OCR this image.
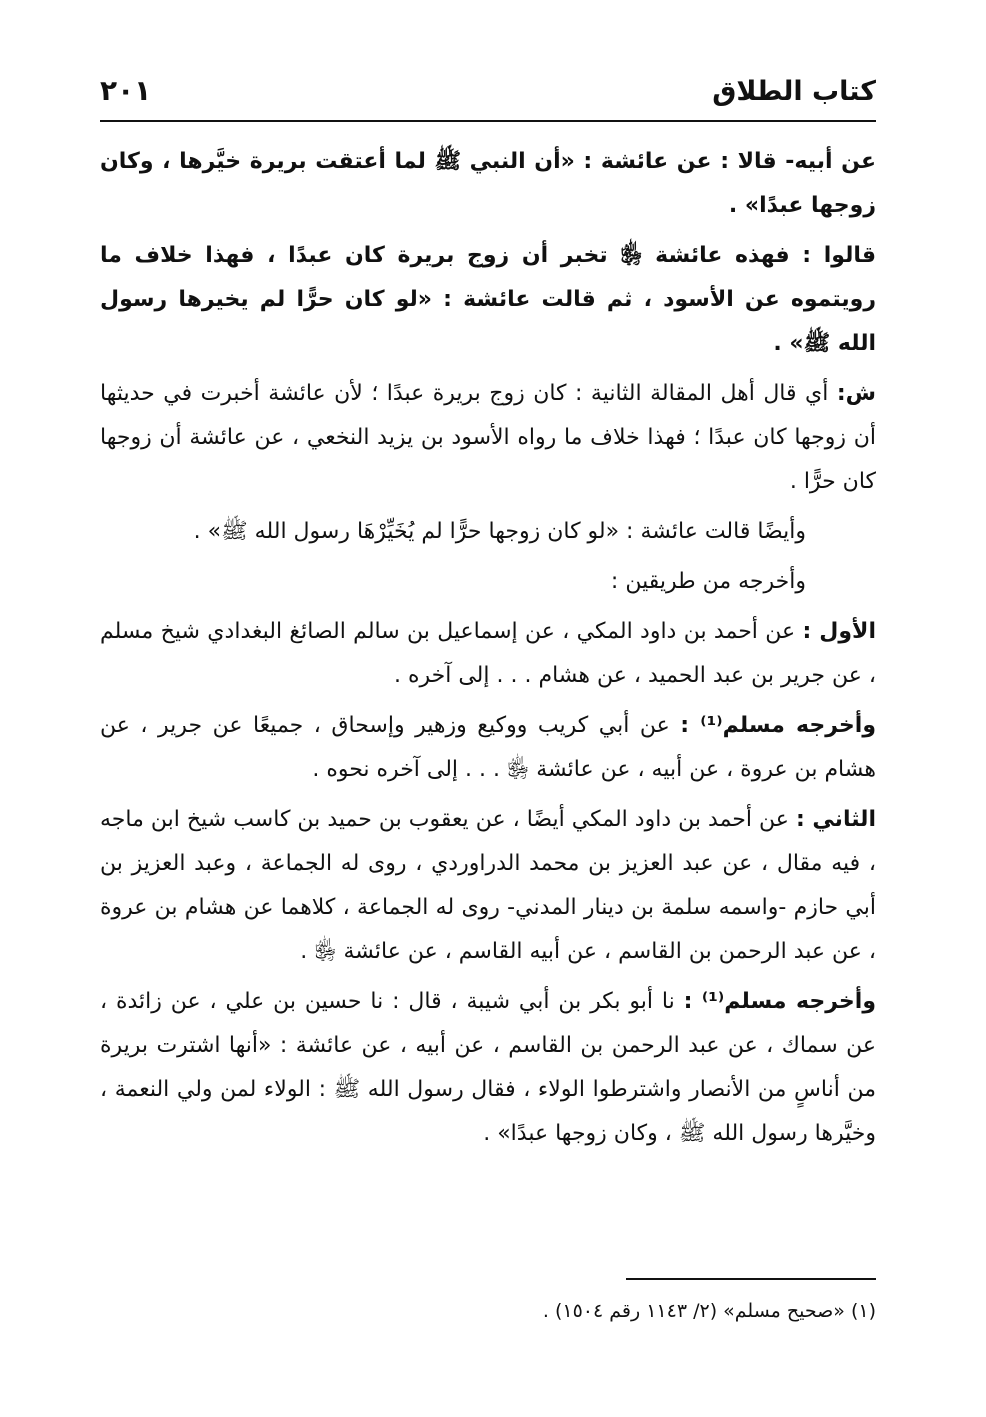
كتاب الطلاق
٢٠١

عن أبيه- قالا : عن عائشة : «أن النبي ﷺ لما أعتقت بريرة خيَّرها ، وكان زوجها عبدًا» .

قالوا : فهذه عائشة ﵂ تخبر أن زوج بريرة كان عبدًا ، فهذا خلاف ما رويتموه عن الأسود ، ثم قالت عائشة : «لو كان حرًّا لم يخيرها رسول الله ﷺ» .

ش: أي قال أهل المقالة الثانية : كان زوج بريرة عبدًا ؛ لأن عائشة أخبرت في حديثها أن زوجها كان عبدًا ؛ فهذا خلاف ما رواه الأسود بن يزيد النخعي ، عن عائشة أن زوجها كان حرًّا .

وأيضًا قالت عائشة : «لو كان زوجها حرًّا لم يُخَيِّرْهَا رسول الله ﷺ» .

وأخرجه من طريقين :

الأول : عن أحمد بن داود المكي ، عن إسماعيل بن سالم الصائغ البغدادي شيخ مسلم ، عن جرير بن عبد الحميد ، عن هشام . . . إلى آخره .

وأخرجه مسلم⁽¹⁾ : عن أبي كريب ووكيع وزهير وإسحاق ، جميعًا عن جرير ، عن هشام بن عروة ، عن أبيه ، عن عائشة ﵂ . . . إلى آخره نحوه .

الثاني : عن أحمد بن داود المكي أيضًا ، عن يعقوب بن حميد بن كاسب شيخ ابن ماجه ، فيه مقال ، عن عبد العزيز بن محمد الدراوردي ، روى له الجماعة ، وعبد العزيز بن أبي حازم -واسمه سلمة بن دينار المدني- روى له الجماعة ، كلاهما عن هشام بن عروة ، عن عبد الرحمن بن القاسم ، عن أبيه القاسم ، عن عائشة ﵂ .

وأخرجه مسلم⁽¹⁾ : نا أبو بكر بن أبي شيبة ، قال : نا حسين بن علي ، عن زائدة ، عن سماك ، عن عبد الرحمن بن القاسم ، عن أبيه ، عن عائشة : «أنها اشترت بريرة من أناسٍ من الأنصار واشترطوا الولاء ، فقال رسول الله ﷺ : الولاء لمن ولي النعمة ، وخيَّرها رسول الله ﷺ ، وكان زوجها عبدًا» .

(١) «صحيح مسلم» (٢/ ١١٤٣ رقم ١٥٠٤) .
